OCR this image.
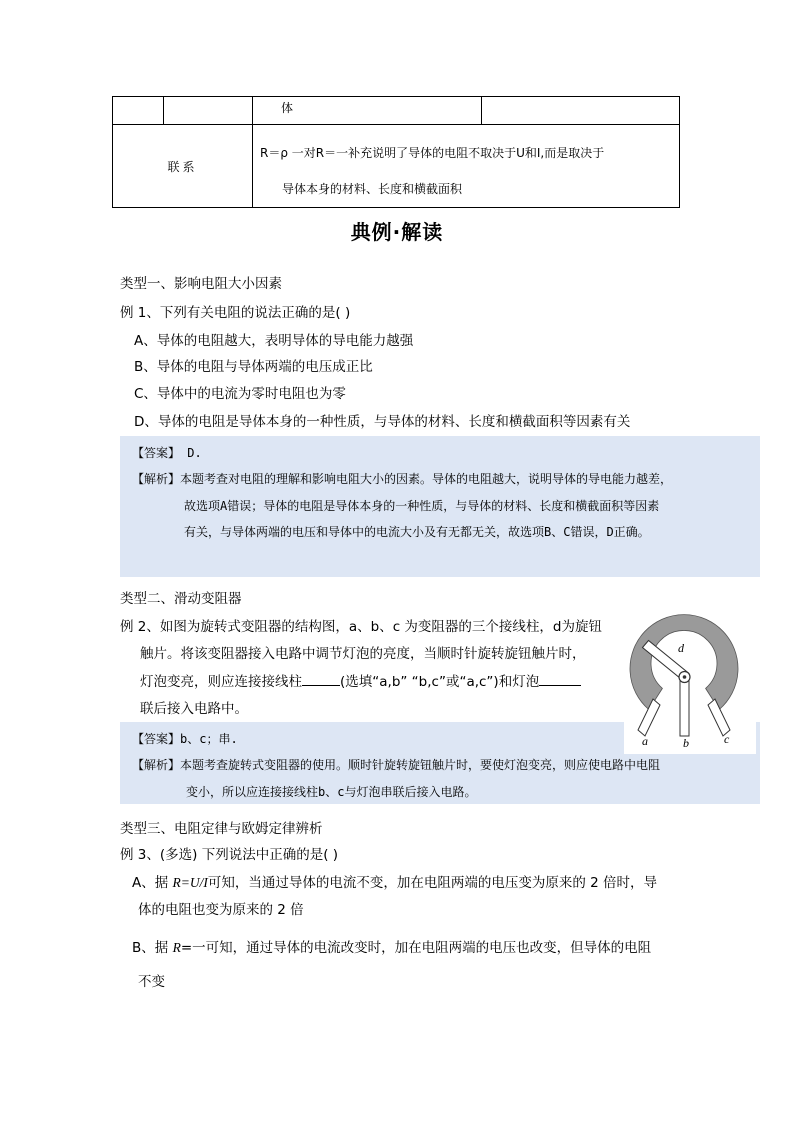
		体	
联系		R＝ρ 一对R＝一补充说明了导体的电阻不取决于U和I,而是取决于
导体本身的材料、长度和横截面积	
典例·解读
类型一、影响电阻大小因素
例 1、下列有关电阻的说法正确的是( )
A、导体的电阻越大，表明导体的导电能力越强
B、导体的电阻与导体两端的电压成正比
C、导体中的电流为零时电阻也为零
D、导体的电阻是导体本身的一种性质，与导体的材料、长度和横截面积等因素有关
【答案】 D.
【解析】本题考查对电阻的理解和影响电阻大小的因素。导体的电阻越大，说明导体的导电能力越差，
故选项A错误；导体的电阻是导体本身的一种性质，与导体的材料、长度和横截面积等因素
有关，与导体两端的电压和导体中的电流大小及有无都无关，故选项B、C错误，D正确。
类型二、滑动变阻器
例 2、如图为旋转式变阻器的结构图，a、b、c 为变阻器的三个接线柱，d为旋钮
触片。将该变阻器接入电路中调节灯泡的亮度，当顺时针旋转旋钮触片时，
灯泡变亮，则应连接接线柱	(选填“a,b” “b,c”或“a,c”)和灯泡
联后接入电路中。
d
a	b	c
【答案】b、c；串.
【解析】本题考查旋转式变阻器的使用。顺时针旋转旋钮触片时，要使灯泡变亮，则应使电路中电阻
变小，所以应连接接线柱b、c与灯泡串联后接入电路。
类型三、电阻定律与欧姆定律辨析
例 3、(多选) 下列说法中正确的是( )
A、据 R=U/I可知，当通过导体的电流不变，加在电阻两端的电压变为原来的 2 倍时，导
体的电阻也变为原来的 2 倍
B、据 R=一可知，通过导体的电流改变时，加在电阻两端的电压也改变，但导体的电阻
不变
